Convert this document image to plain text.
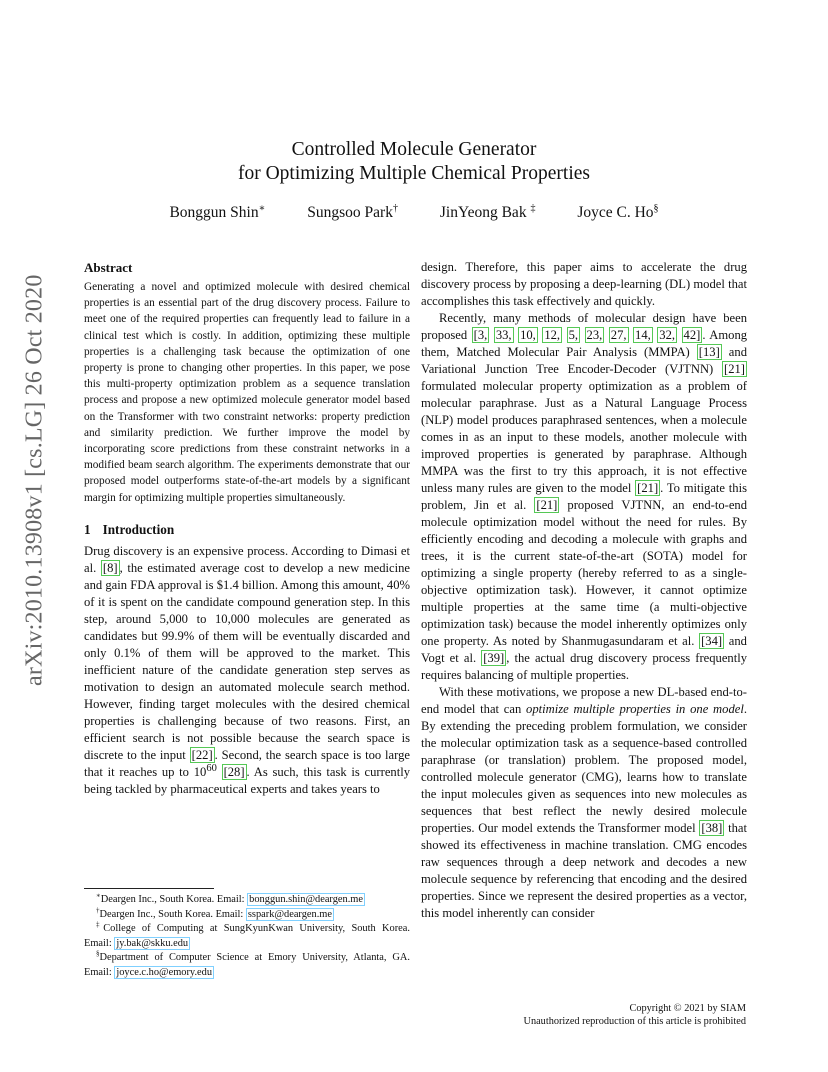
arXiv:2010.13908v1 [cs.LG] 26 Oct 2020
Controlled Molecule Generator
for Optimizing Multiple Chemical Properties
Bonggun Shin∗	Sungsoo Park†	JinYeong Bak ‡	Joyce C. Ho§
Abstract

Generating a novel and optimized molecule with desired chemical properties is an essential part of the drug discovery process. Failure to meet one of the required properties can frequently lead to failure in a clinical test which is costly. In addition, optimizing these multiple properties is a challenging task because the optimization of one property is prone to changing other properties. In this paper, we pose this multi-property optimization problem as a sequence translation process and propose a new optimized molecule generator model based on the Transformer with two constraint networks: property prediction and similarity prediction. We further improve the model by incorporating score predictions from these constraint networks in a modified beam search algorithm. The experiments demonstrate that our proposed model outperforms state-of-the-art models by a significant margin for optimizing multiple properties simultaneously.

1 Introduction

Drug discovery is an expensive process. According to Dimasi et al. [8] , the estimated average cost to develop a new medicine and gain FDA approval is $1.4 billion. Among this amount, 40% of it is spent on the candidate compound generation step. In this step, around 5,000 to 10,000 molecules are generated as candidates but 99.9% of them will be eventually discarded and only 0.1% of them will be approved to the market. This inefficient nature of the candidate generation step serves as motivation to design an automated molecule search method. However, finding target molecules with the desired chemical properties is challenging because of two reasons. First, an efficient search is not possible because the search space is discrete to the input [22] . Second, the search space is too large that it reaches up to $10^{60}$ [28] . As such, this task is currently being tackled by pharmaceutical experts and takes years to

∗Deargen Inc., South Korea. Email: bonggun.shin@deargen.me

†Deargen Inc., South Korea. Email: sspark@deargen.me

‡College of Computing at SungKyunKwan University, South Korea. Email: jy.bak@skku.edu

§Department of Computer Science at Emory University, Atlanta, GA. Email: joyce.c.ho@emory.edu

design. Therefore, this paper aims to accelerate the drug discovery process by proposing a deep-learning (DL) model that accomplishes this task effectively and quickly.

Recently, many methods of molecular design have been proposed [3, 33, 10, 12, 5, 23, 27, 14, 32, 42] . Among them, Matched Molecular Pair Analysis (MMPA) [13] and Variational Junction Tree Encoder-Decoder (VJTNN) [21] formulated molecular property optimization as a problem of molecular paraphrase. Just as a Natural Language Process (NLP) model produces paraphrased sentences, when a molecule comes in as an input to these models, another molecule with improved properties is generated by paraphrase. Although MMPA was the first to try this approach, it is not effective unless many rules are given to the model [21] . To mitigate this problem, Jin et al. [21] proposed VJTNN, an end-to-end molecule optimization model without the need for rules. By efficiently encoding and decoding a molecule with graphs and trees, it is the current state-of-the-art (SOTA) model for optimizing a single property (hereby referred to as a single-objective optimization task). However, it cannot optimize multiple properties at the same time (a multi-objective optimization task) because the model inherently optimizes only one property. As noted by Shanmugasundaram et al. [34] and Vogt et al. [39] , the actual drug discovery process frequently requires balancing of multiple properties.

With these motivations, we propose a new DL-based end-to-end model that can optimize multiple properties in one model. By extending the preceding problem formulation, we consider the molecular optimization task as a sequence-based controlled paraphrase (or translation) problem. The proposed model, controlled molecule generator (CMG), learns how to translate the input molecules given as sequences into new molecules as sequences that best reflect the newly desired molecule properties. Our model extends the Transformer model [38] that showed its effectiveness in machine translation. CMG encodes raw sequences through a deep network and decodes a new molecule sequence by referencing that encoding and the desired properties. Since we represent the desired properties as a vector, this model inherently can consider

Copyright © 2021 by SIAM
Unauthorized reproduction of this article is prohibited
